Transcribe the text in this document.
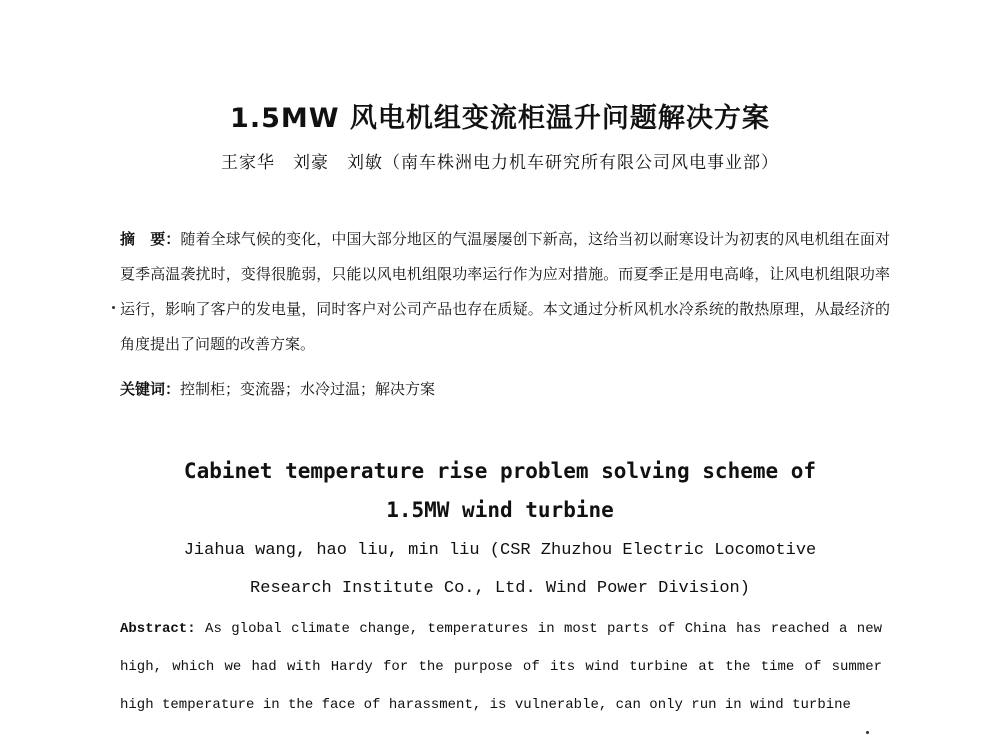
1.5MW 风电机组变流柜温升问题解决方案
王家华　刘豪　刘敏（南车株洲电力机车研究所有限公司风电事业部）
摘　要：随着全球气候的变化，中国大部分地区的气温屡屡创下新高，这给当初以耐寒设计为初衷的风电机组在面对夏季高温袭扰时，变得很脆弱，只能以风电机组限功率运行作为应对措施。而夏季正是用电高峰，让风电机组限功率运行，影响了客户的发电量，同时客户对公司产品也存在质疑。本文通过分析风机水冷系统的散热原理，从最经济的角度提出了问题的改善方案。
关键词：控制柜；变流器；水冷过温；解决方案
Cabinet temperature rise problem solving scheme of
1.5MW wind turbine
Jiahua wang, hao liu, min liu (CSR Zhuzhou Electric Locomotive
Research Institute Co., Ltd. Wind Power Division)
Abstract: As global climate change, temperatures in most parts of China has reached a new high, which we had with Hardy for the purpose of its wind turbine at the time of summer high temperature in the face of harassment, is vulnerable, can only run in wind turbine
